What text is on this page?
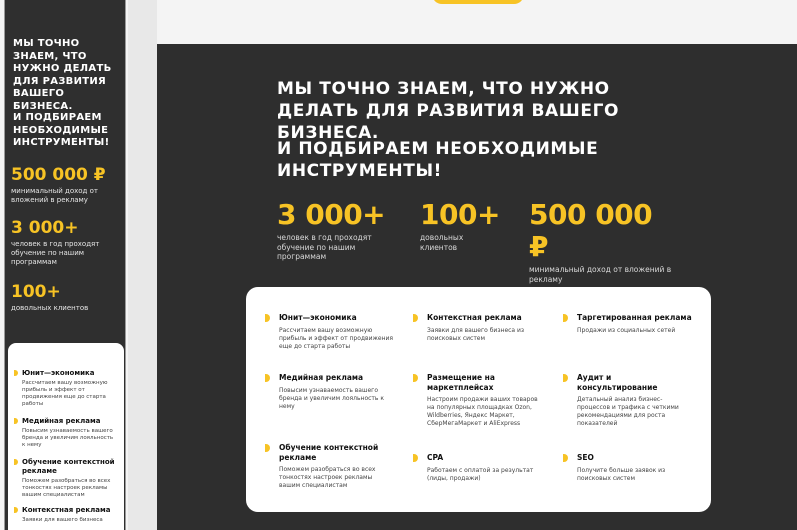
МЫ ТОЧНО ЗНАЕМ, ЧТО НУЖНО ДЕЛАТЬ ДЛЯ РАЗВИТИЯ ВАШЕГО БИЗНЕСА.

И ПОДБИРАЕМ НЕОБХОДИМЫЕ ИНСТРУМЕНТЫ!

500 000 ₽
минимальный доход от вложений в рекламу
3 000+
человек в год проходят обучение по нашим программам
100+
довольных клиентов
Юнит—экономика
Рассчитаем вашу возможную прибыль и эффект от продвижения еще до старта работы
Медийная реклама
Повысим узнаваемость вашего бренда и увеличим лояльность к нему
Обучение контекстной рекламе
Поможем разобраться во всех тонкостях настроек рекламы вашим специалистам
Контекстная реклама
Заявки для вашего бизнеса

МЫ ТОЧНО ЗНАЕМ, ЧТО НУЖНО ДЕЛАТЬ ДЛЯ РАЗВИТИЯ ВАШЕГО БИЗНЕСА.

И ПОДБИРАЕМ НЕОБХОДИМЫЕ ИНСТРУМЕНТЫ!

3 000+
человек в год проходят обучение по нашим программам
100+
довольных клиентов
500 000 ₽
минимальный доход от вложений в рекламу
Юнит—экономика
Рассчитаем вашу возможную прибыль и эффект от продвижения еще до старта работы
Контекстная реклама
Заявки для вашего бизнеса из поисковых систем
Таргетированная реклама
Продажи из социальных сетей
Медийная реклама
Повысим узнаваемость вашего бренда и увеличим лояльность к нему
Размещение на маркетплейсах
Настроим продажи ваших товаров на популярных площадках Ozon, Wildberries, Яндекс Маркет, СберМегаМаркет и AliExpress
Аудит и консультирование
Детальный анализ бизнес-процессов и трафика с четкими рекомендациями для роста показателей
Обучение контекстной рекламе
Поможем разобраться во всех тонкостях настроек рекламы вашим специалистам
CPA
Работаем с оплатой за результат (лиды, продажи)
SEO
Получите больше заявок из поисковых систем
